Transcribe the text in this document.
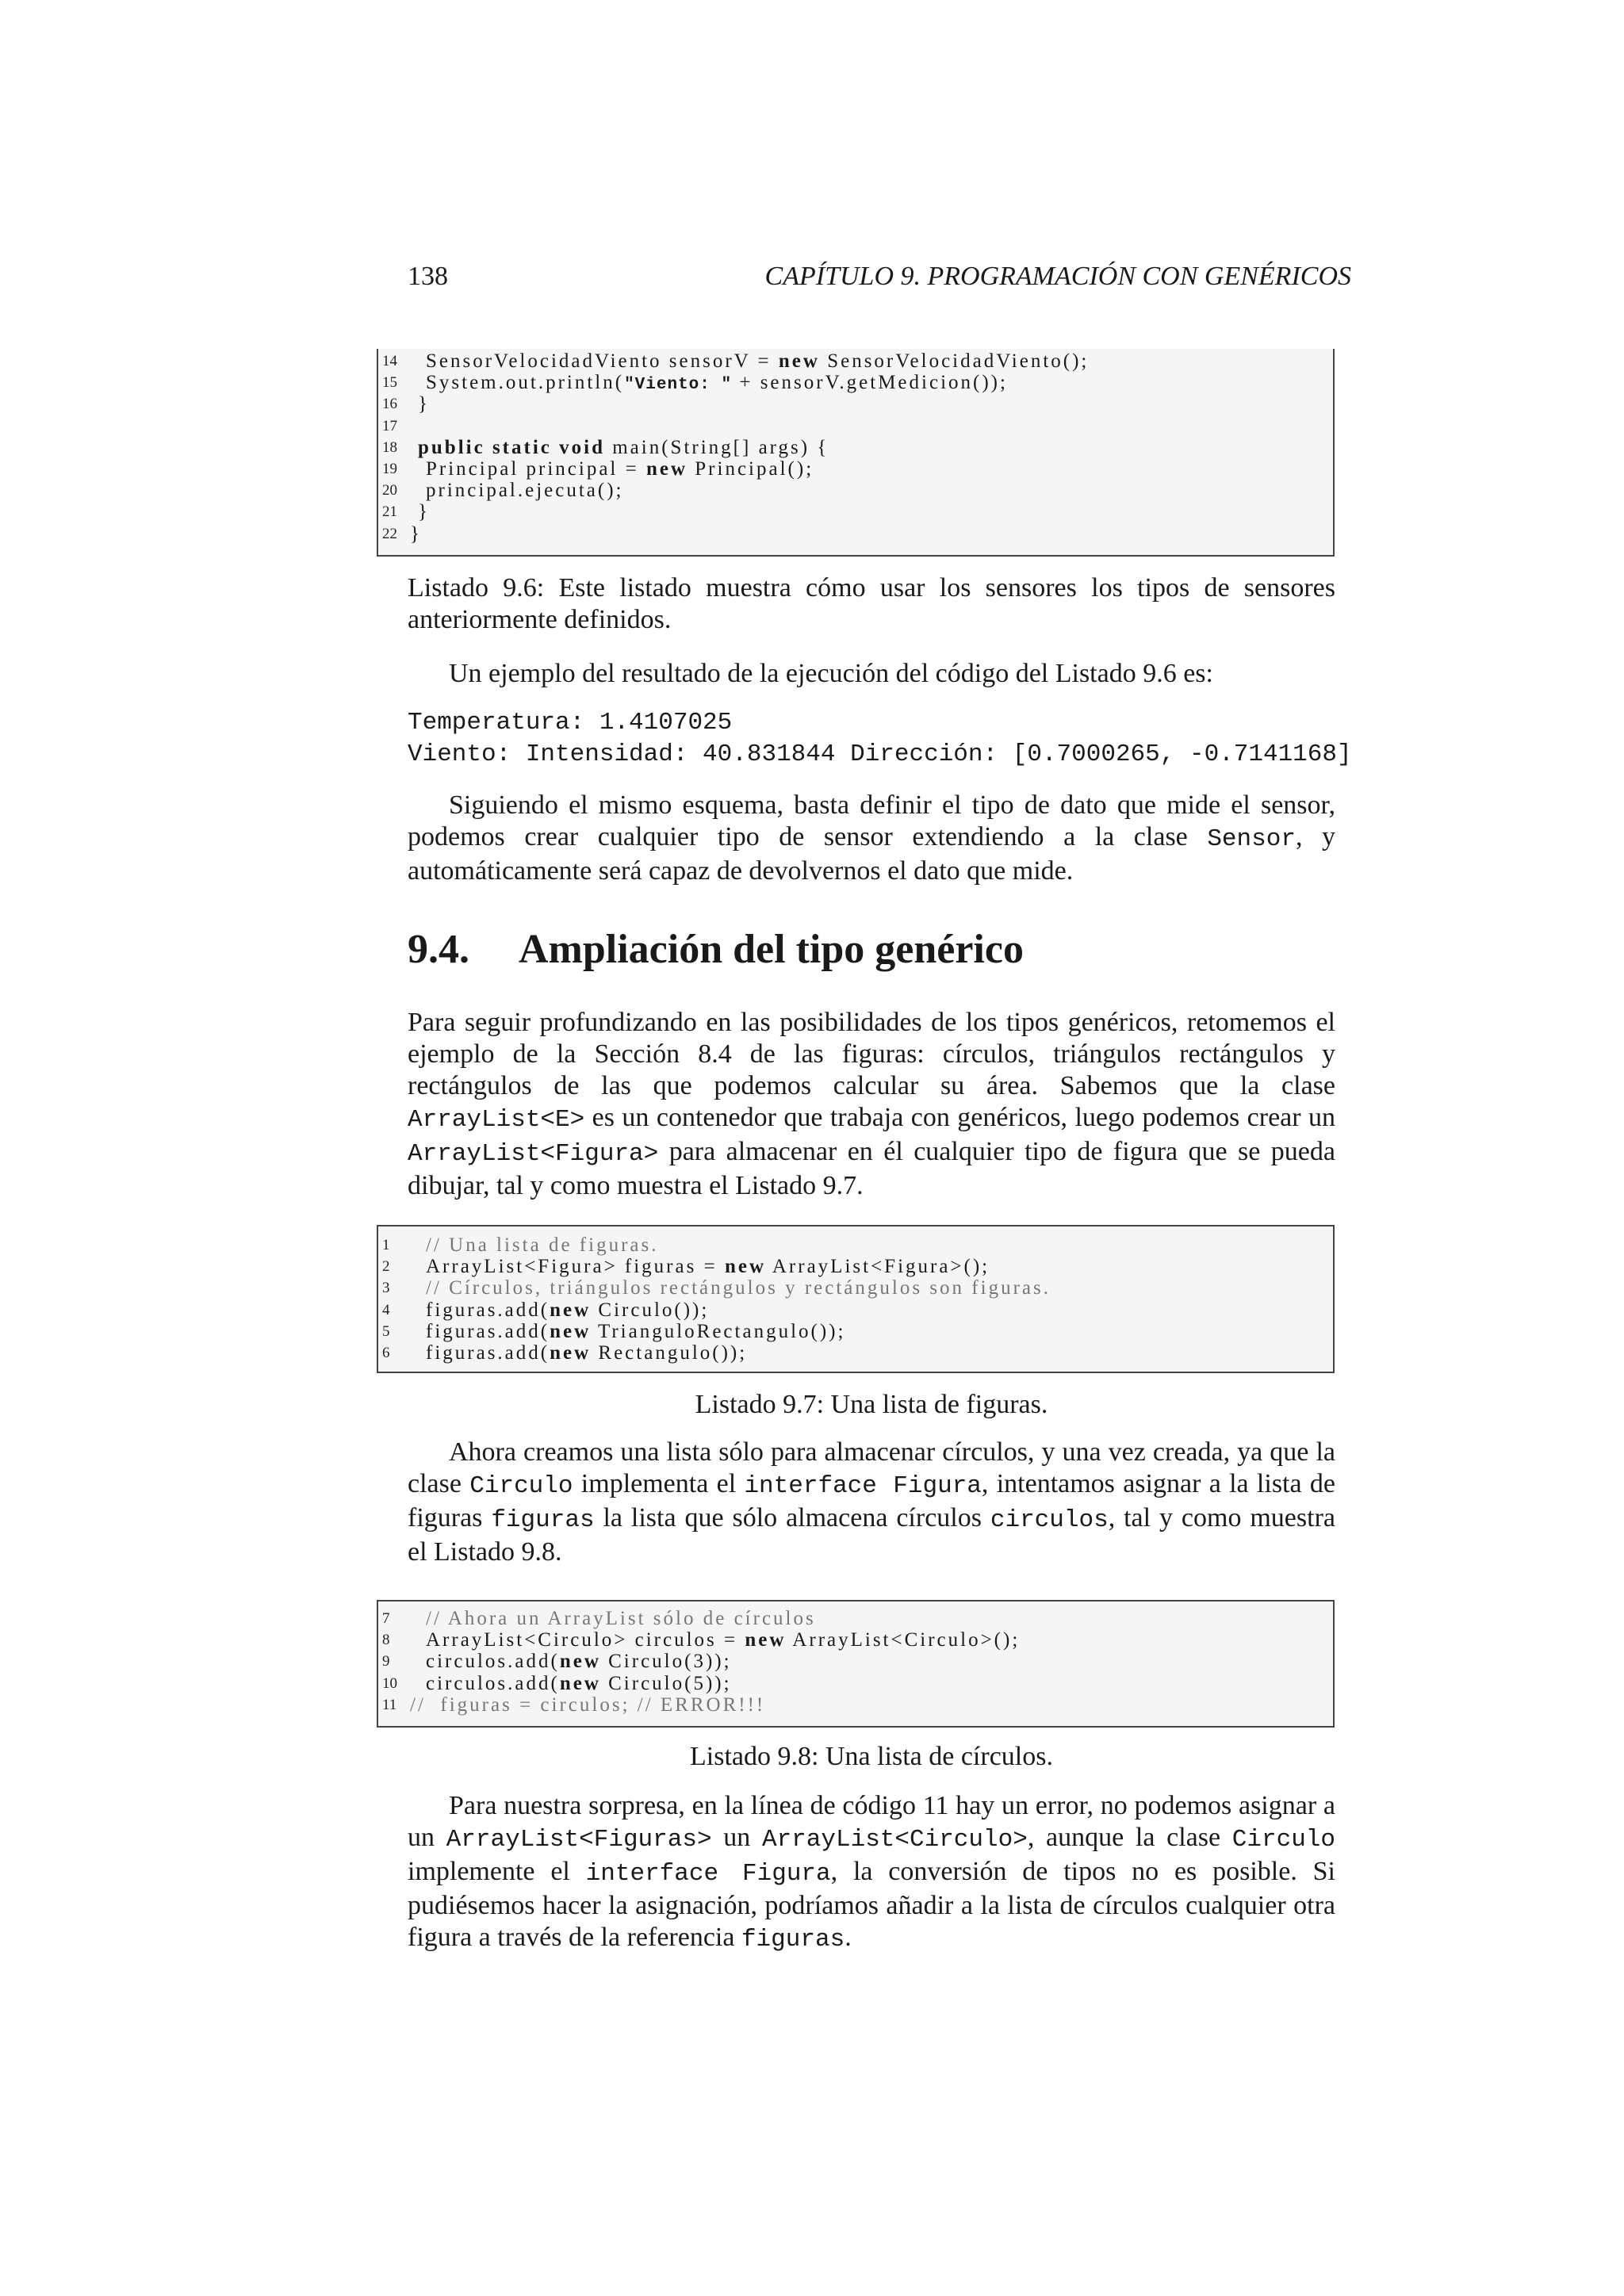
138	CAPÍTULO 9. PROGRAMACIÓN CON GENÉRICOS
14	SensorVelocidadViento sensorV = new SensorVelocidadViento();
15	System.out.println("Viento: " + sensorV.getMedicion());
16	}
17
18	public static void main(String[] args) {
19	Principal principal = new Principal();
20	principal.ejecuta();
21	}
22 }

Listado 9.6: Este listado muestra cómo usar los sensores los tipos de sensores anteriormente definidos.

Un ejemplo del resultado de la ejecución del código del Listado 9.6 es:

Temperatura: 1.4107025
Viento: Intensidad: 40.831844 Dirección: [0.7000265, -0.7141168]

Siguiendo el mismo esquema, basta definir el tipo de dato que mide el sensor, podemos crear cualquier tipo de sensor extendiendo a la clase Sensor, y automáticamente será capaz de devolvernos el dato que mide.

9.4. Ampliación del tipo genérico

Para seguir profundizando en las posibilidades de los tipos genéricos, retomemos el ejemplo de la Sección 8.4 de las figuras: círculos, triángulos rectángulos y rectángulos de las que podemos calcular su área. Sabemos que la clase ArrayList<E> es un contenedor que trabaja con genéricos, luego podemos crear un ArrayList<Figura> para almacenar en él cualquier tipo de figura que se pueda dibujar, tal y como muestra el Listado 9.7.

1	// Una lista de figuras.
2	ArrayList<Figura> figuras = new ArrayList<Figura>();
3	// Círculos, triángulos rectángulos y rectángulos son figuras.
4	figuras.add(new Circulo());
5	figuras.add(new TrianguloRectangulo());
6	figuras.add(new Rectangulo());

Listado 9.7: Una lista de figuras.

Ahora creamos una lista sólo para almacenar círculos, y una vez creada, ya que la clase Circulo implementa el interface Figura, intentamos asignar a la lista de figuras figuras la lista que sólo almacena círculos circulos, tal y como muestra el Listado 9.8.

7	// Ahora un ArrayList sólo de círculos
8	ArrayList<Circulo> circulos = new ArrayList<Circulo>();
9	circulos.add(new Circulo(3));
10	circulos.add(new Circulo(5));
11 //  figuras = circulos; // ERROR!!!

Listado 9.8: Una lista de círculos.

Para nuestra sorpresa, en la línea de código 11 hay un error, no podemos asignar a un ArrayList<Figuras> un ArrayList<Circulo>, aunque la clase Circulo implemente el interface Figura, la conversión de tipos no es posible. Si pudiésemos hacer la asignación, podríamos añadir a la lista de círculos cualquier otra figura a través de la referencia figuras.
